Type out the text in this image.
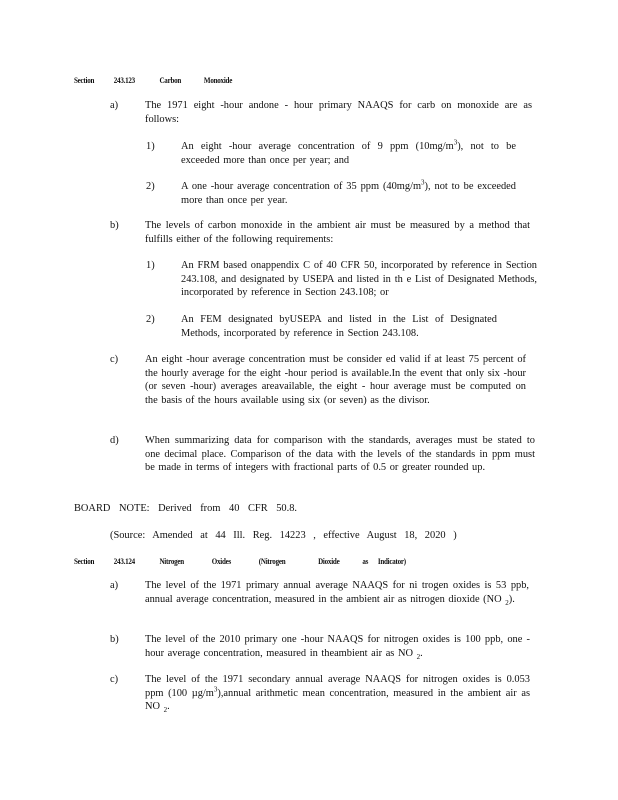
Section 243.123	Carbon	Monoxide
a)	The 1971 eight -hour andone - hour primary NAAQS for carb on monoxide are as follows:
1)	An eight -hour average concentration of 9 ppm $(10mg/m^3)$, not to be exceeded more than once per year; and
2)	A one -hour average concentration of 35 ppm $(40mg/m^3)$, not to be exceeded more than once per year.
b)	The levels of carbon monoxide in the ambient air must be measured by a method that fulfills either of the following requirements:
1)	An FRM based onappendix C of 40 CFR 50, incorporated by reference in Section 243.108, and designated by USEPA and listed in th e List of Designated Methods, incorporated by reference in Section 243.108; or
2)	An FEM designated byUSEPA and listed in the List of Designated Methods, incorporated by reference in Section 243.108.
c)	An eight -hour average concentration must be consider ed valid if at least 75 percent of the hourly average for the eight -hour period is available.In the event that only six -hour (or seven -hour) averages areavailable, the eight - hour average must be computed on the basis of the hours available using six (or seven) as the divisor.
d)	When summarizing data for comparison with the standards, averages must be stated to one decimal place. Comparison of the data with the levels of the standards in ppm must be made in terms of integers with fractional parts of 0.5 or greater rounded up.
BOARD NOTE: Derived from 40 CFR 50.8.
(Source: Amended at 44 Ill. Reg. 14223 , effective August 18, 2020 )
Section 243.124	Nitrogen	Oxides	(Nitrogen	Dioxide	as Indicator)
a)	The level of the 1971 primary annual average NAAQS for ni trogen oxides is 53 ppb, annual average concentration, measured in the ambient air as nitrogen dioxide (NO $_2$).
b)	The level of the 2010 primary one -hour NAAQS for nitrogen oxides is 100 ppb, one -hour average concentration, measured in theambient air as NO $_2$.
c)	The level of the 1971 secondary annual average NAAQS for nitrogen oxides is 0.053 ppm (100 $\mu g/m^3),annual$ arithmetic mean concentration, measured in the ambient air as NO $_2$.
